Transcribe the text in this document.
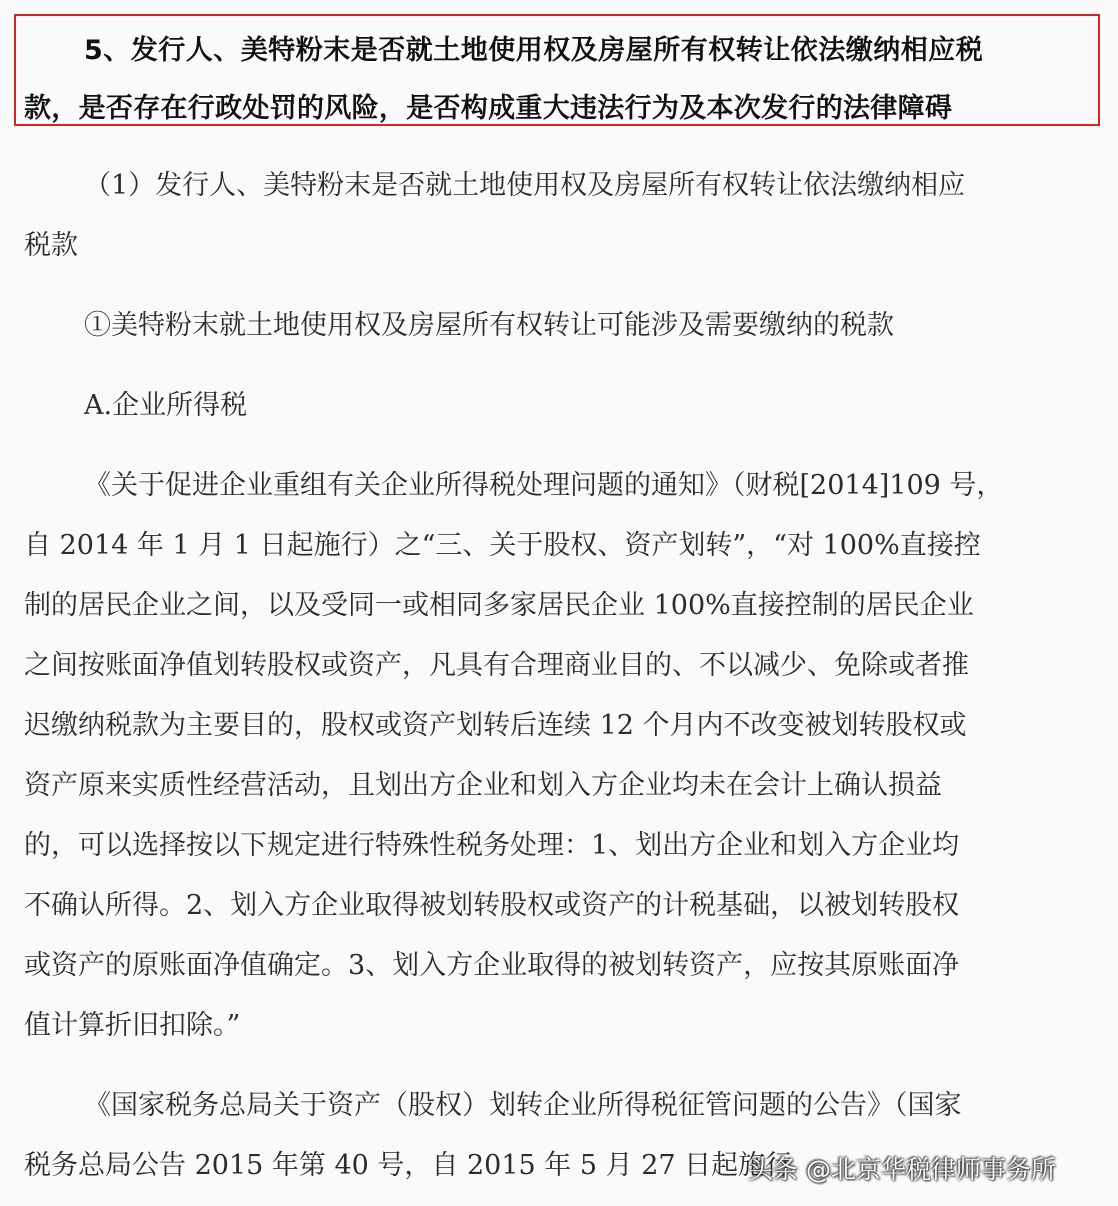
5、发行人、美特粉末是否就土地使用权及房屋所有权转让依法缴纳相应税
款，是否存在行政处罚的风险，是否构成重大违法行为及本次发行的法律障碍
（1）发行人、美特粉末是否就土地使用权及房屋所有权转让依法缴纳相应
税款
①美特粉末就土地使用权及房屋所有权转让可能涉及需要缴纳的税款
A.企业所得税
《关于促进企业重组有关企业所得税处理问题的通知》（财税[2014]109 号，
自 2014 年 1 月 1 日起施行）之“三、关于股权、资产划转”，“对 100%直接控
制的居民企业之间，以及受同一或相同多家居民企业 100%直接控制的居民企业
之间按账面净值划转股权或资产，凡具有合理商业目的、不以减少、免除或者推
迟缴纳税款为主要目的，股权或资产划转后连续 12 个月内不改变被划转股权或
资产原来实质性经营活动，且划出方企业和划入方企业均未在会计上确认损益
的，可以选择按以下规定进行特殊性税务处理：1、划出方企业和划入方企业均
不确认所得。2、划入方企业取得被划转股权或资产的计税基础，以被划转股权
或资产的原账面净值确定。3、划入方企业取得的被划转资产，应按其原账面净
值计算折旧扣除。”
《国家税务总局关于资产（股权）划转企业所得税征管问题的公告》（国家
税务总局公告 2015 年第 40 号，自 2015 年 5 月 27 日起施行
头条 @北京华税律师事务所
